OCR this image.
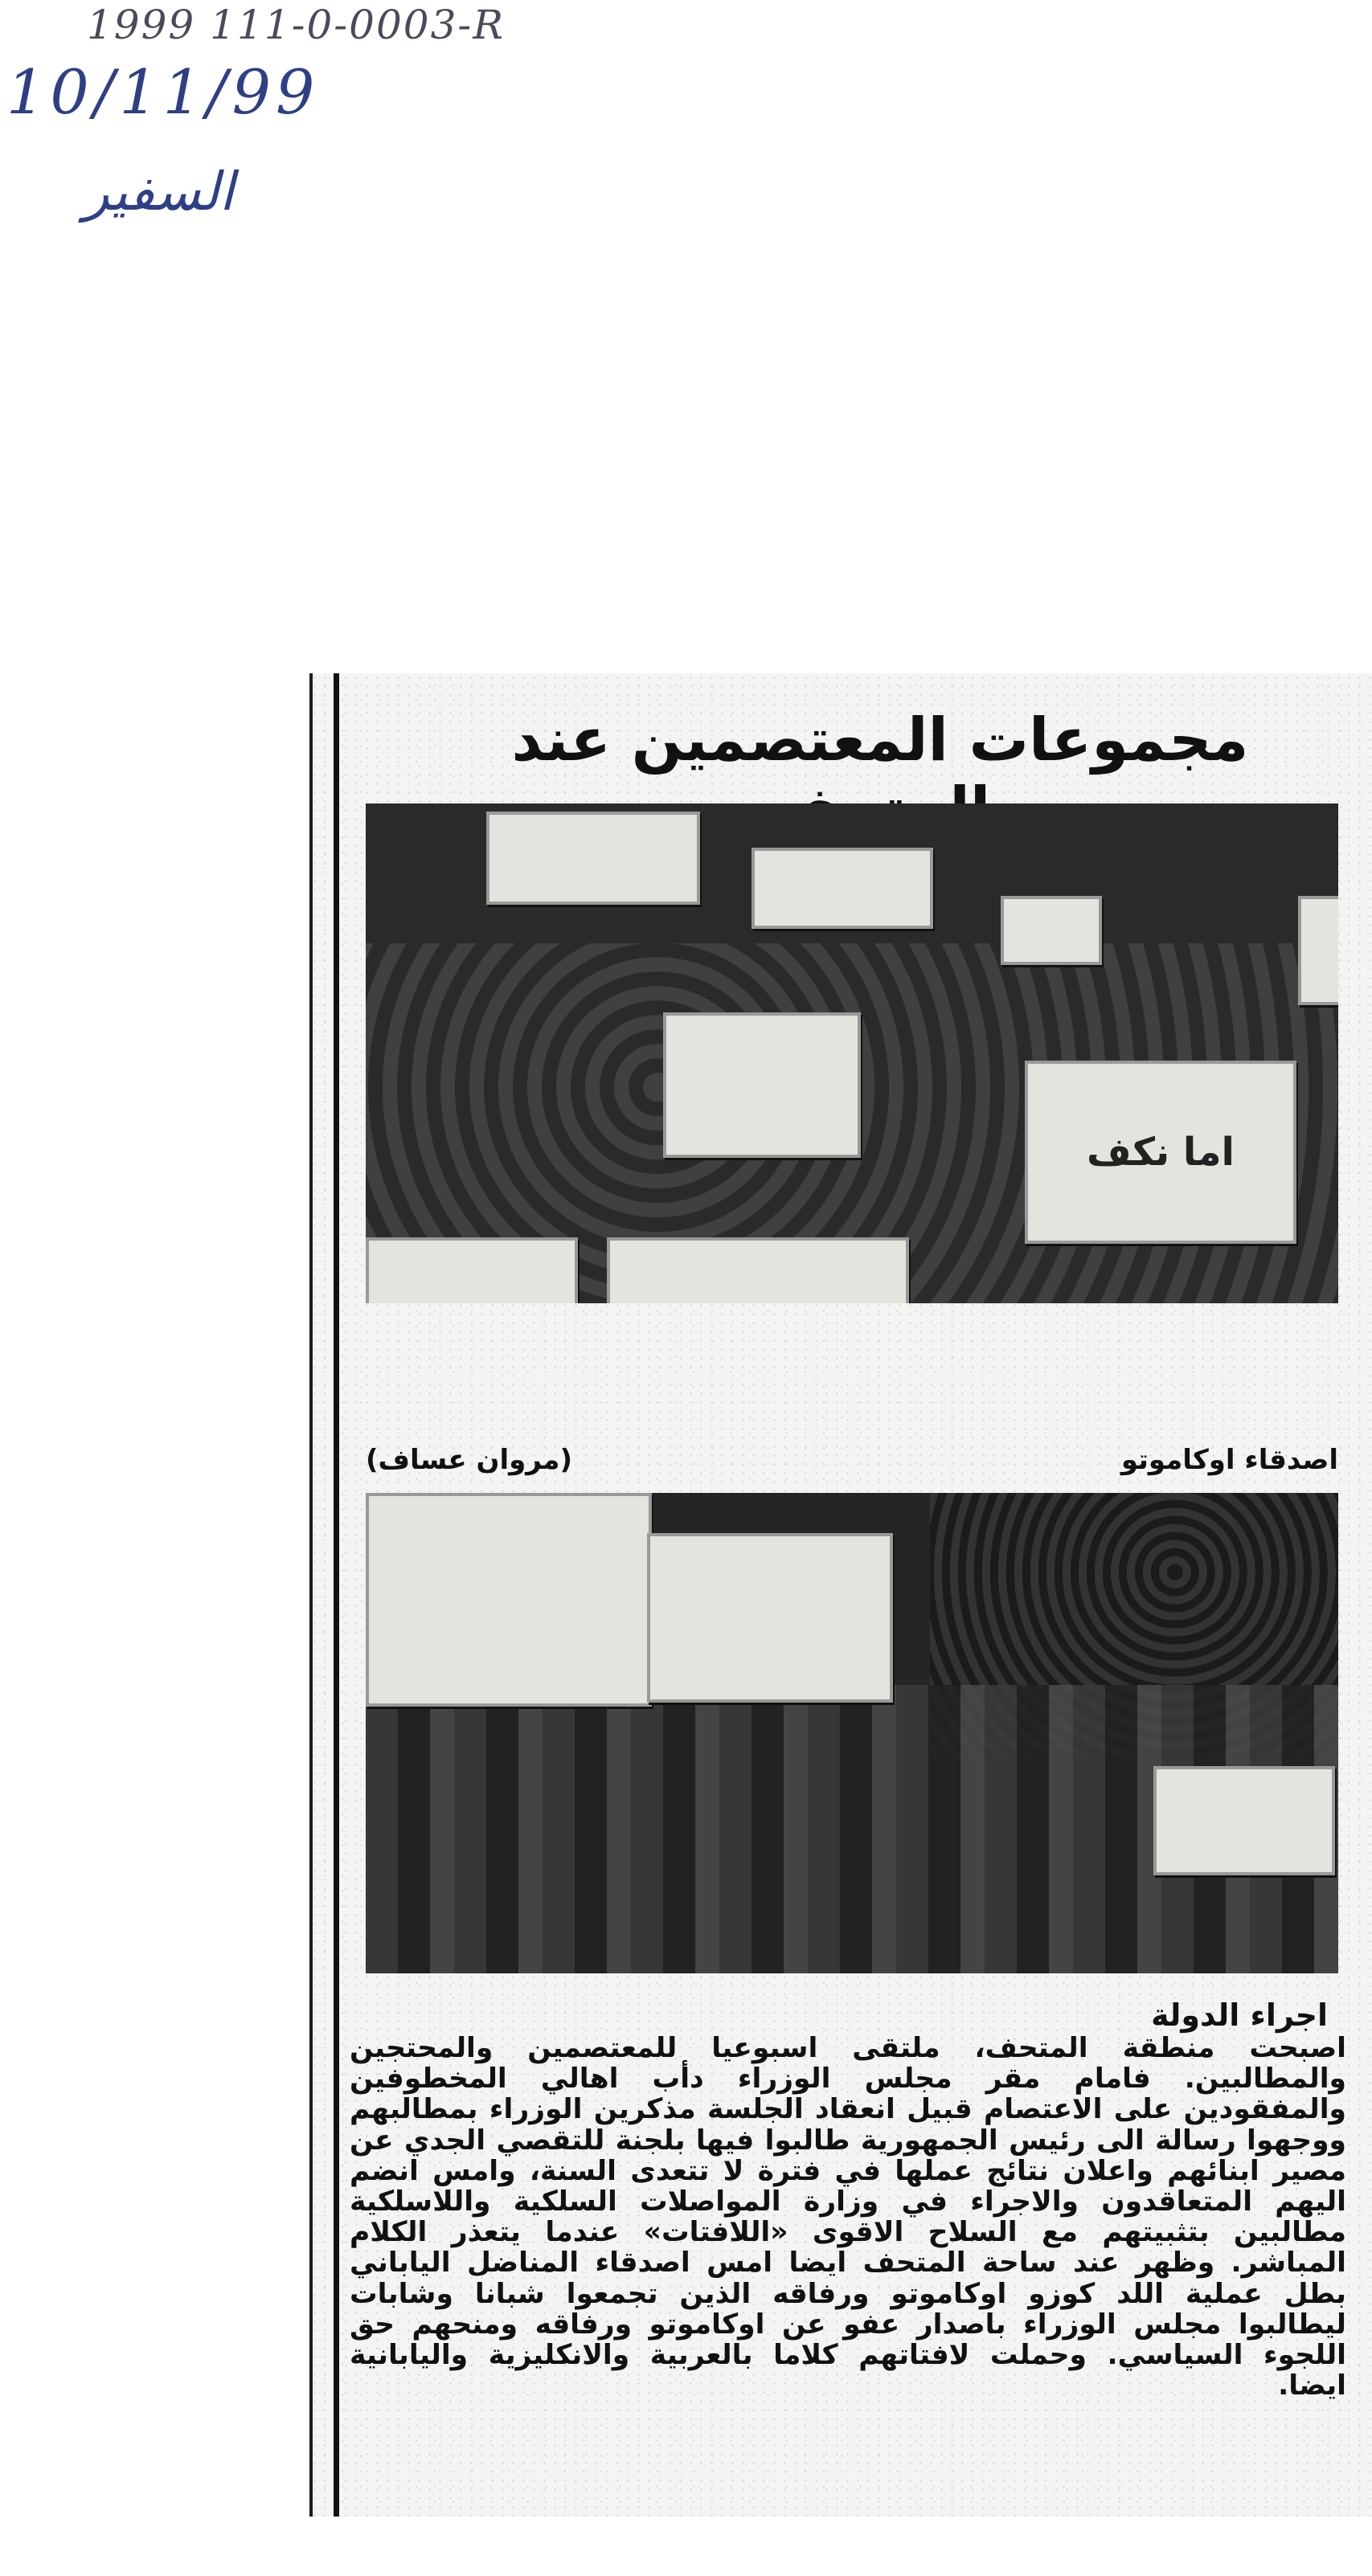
1999 111-0-0003-R
10/11/99
السفير
مجموعات المعتصمين عند
اما نكف
(مروان عساف)	اصدقاء اوكاموتو
اجراء الدولة
اصبحت منطقة المتحف، ملتقى اسبوعيا للمعتصمين والمحتجين والمطالبين. فامام مقر مجلس الوزراء دأب اهالي المخطوفين والمفقودين على الاعتصام قبيل انعقاد الجلسة مذكرين الوزراء بمطالبهم ووجهوا رسالة الى رئيس الجمهورية طالبوا فيها بلجنة للتقصي الجدي عن مصير ابنائهم واعلان نتائج عملها في فترة لا تتعدى السنة، وامس انضم اليهم المتعاقدون والاجراء في وزارة المواصلات السلكية واللاسلكية مطالبين بتثبيتهم مع السلاح الاقوى «اللافتات» عندما يتعذر الكلام المباشر. وظهر عند ساحة المتحف ايضا امس اصدقاء المناضل الياباني بطل عملية اللد كوزو اوكاموتو ورفاقه الذين تجمعوا شبانا وشابات ليطالبوا مجلس الوزراء باصدار عفو عن اوكاموتو ورفاقه ومنحهم حق اللجوء السياسي. وحملت لافتاتهم كلاما بالعربية والانكليزية واليابانية ايضا.
